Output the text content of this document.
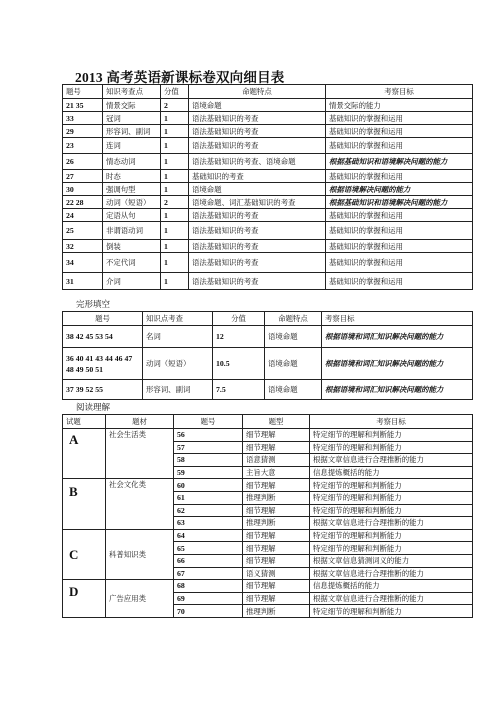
2013 高考英语新课标卷双向细目表
题号	知识考查点	分值	命题特点	考察目标
21 35	情景交际	2	语境命题	情景交际的能力
33	冠词	1	语法基础知识的考查	基础知识的掌握和运用
29	形容词、副词	1	语法基础知识的考查	基础知识的掌握和运用
23	连词	1	语法基础知识的考查	基础知识的掌握和运用
26	情态动词	1	语法基础知识的考查、语境命题	根据基础知识和语境解决问题的能力
27	时态	1	基础知识的考查	基础知识的掌握和运用
30	强调句型	1	语境命题	根据语境解决问题的能力
22 28	动词（短语）	2	语境命题、词汇基础知识的考查	根据基础知识和语境解决问题的能力
24	定语从句	1	语法基础知识的考查	基础知识的掌握和运用
25	非谓语动词	1	语法基础知识的考查	基础知识的掌握和运用
32	倒装	1	语法基础知识的考查	基础知识的掌握和运用
34	不定代词	1	语法基础知识的考查	基础知识的掌握和运用
31	介词	1	语法基础知识的考查	基础知识的掌握和运用
完形填空
题号	知识点考查	分值	命题特点	考察目标
38 42 45 53 54	名词	12	语境命题	根据语境和词汇知识解决问题的能力
36 40 41 43 44 46 47 48 49 50 51	动词（短语）	10.5	语境命题	根据语境和词汇知识解决问题的能力
37 39 52 55	形容词、副词	7.5	语境命题	根据语境和词汇知识解决问题的能力
阅读理解
试题	题材	题号	题型	考察目标
A	社会生活类	56	细节理解	特定细节的理解和判断能力
		57	细节理解	特定细节的理解和判断能力
		58	语意猜测	根据文章信息进行合理推断的能力
		59	主旨大意	信息提炼概括的能力
B	社会文化类	60	细节理解	特定细节的理解和判断能力
		61	推理判断	特定细节的理解和判断能力
		62	细节理解	特定细节的理解和判断能力
		63	推理判断	根据文章信息进行合理推断的能力
C	科普知识类	64	细节理解	特定细节的理解和判断能力
		65	细节理解	特定细节的理解和判断能力
		66	细节理解	根据文章信息猜测词义的能力
		67	语义猜测	根据文章信息进行合理推断的能力
D	广告应用类	68	细节理解	信息提炼概括的能力
		69	细节理解	根据文章信息进行合理推断的能力
		70	推理判断	特定细节的理解和判断能力
